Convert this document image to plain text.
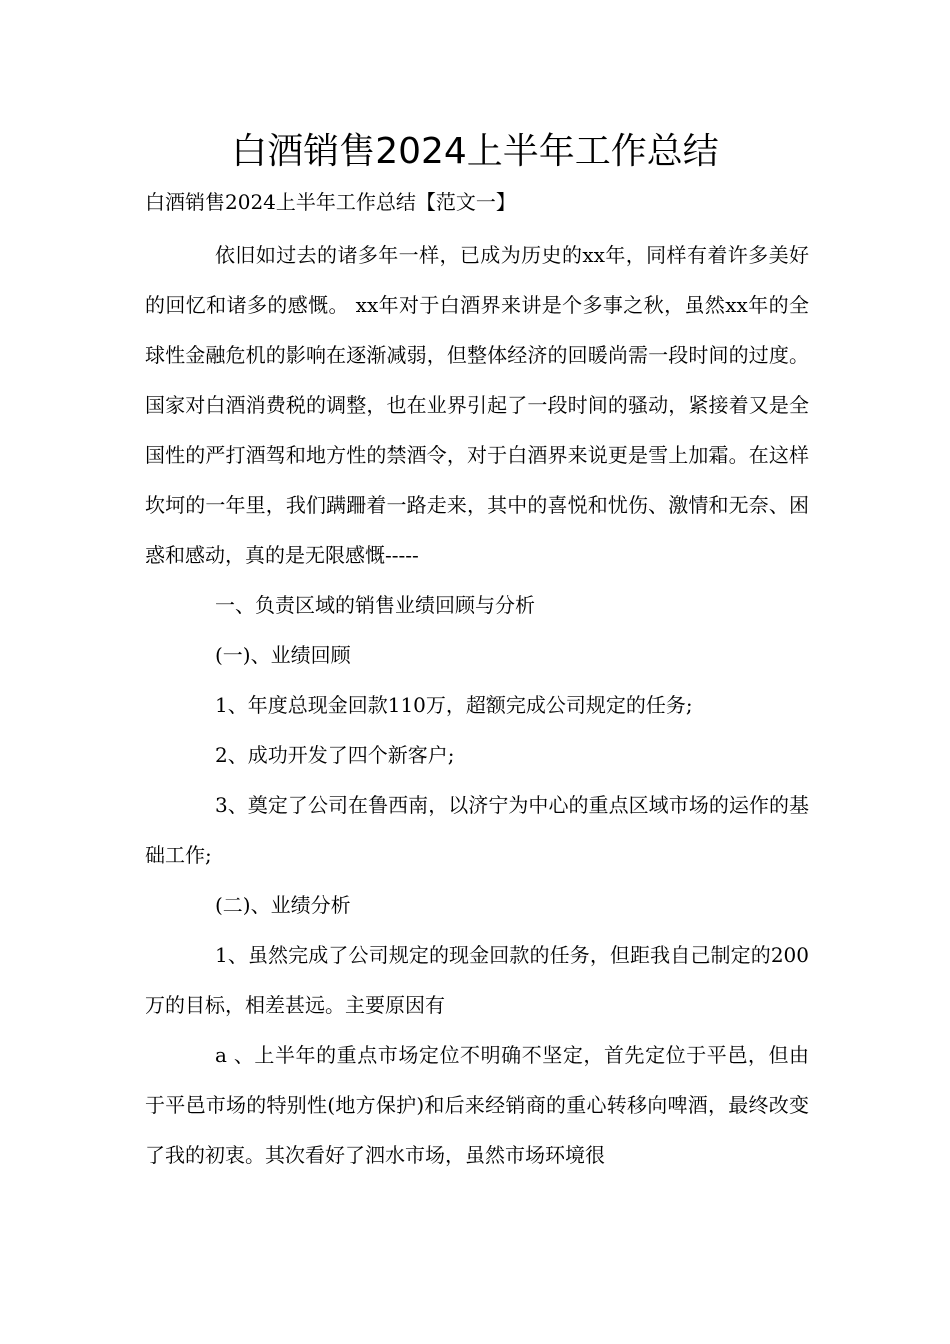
白酒销售2024上半年工作总结

白酒销售2024上半年工作总结【范文一】

依旧如过去的诸多年一样，已成为历史的xx年，同样有着许多美好的回忆和诸多的感慨。 xx年对于白酒界来讲是个多事之秋，虽然xx年的全球性金融危机的影响在逐渐减弱，但整体经济的回暖尚需一段时间的过度。国家对白酒消费税的调整，也在业界引起了一段时间的骚动，紧接着又是全国性的严打酒驾和地方性的禁酒令，对于白酒界来说更是雪上加霜。在这样坎坷的一年里，我们蹒跚着一路走来，其中的喜悦和忧伤、激情和无奈、困惑和感动，真的是无限感慨-----

一、负责区域的销售业绩回顾与分析

(一)、业绩回顾

1、年度总现金回款110万，超额完成公司规定的任务;

2、成功开发了四个新客户;

3、奠定了公司在鲁西南，以济宁为中心的重点区域市场的运作的基础工作;

(二)、业绩分析

1、虽然完成了公司规定的现金回款的任务，但距我自己制定的200万的目标，相差甚远。主要原因有

a 、上半年的重点市场定位不明确不坚定，首先定位于平邑，但由于平邑市场的特别性(地方保护)和后来经销商的重心转移向啤酒，最终改变了我的初衷。其次看好了泗水市场，虽然市场环境很
